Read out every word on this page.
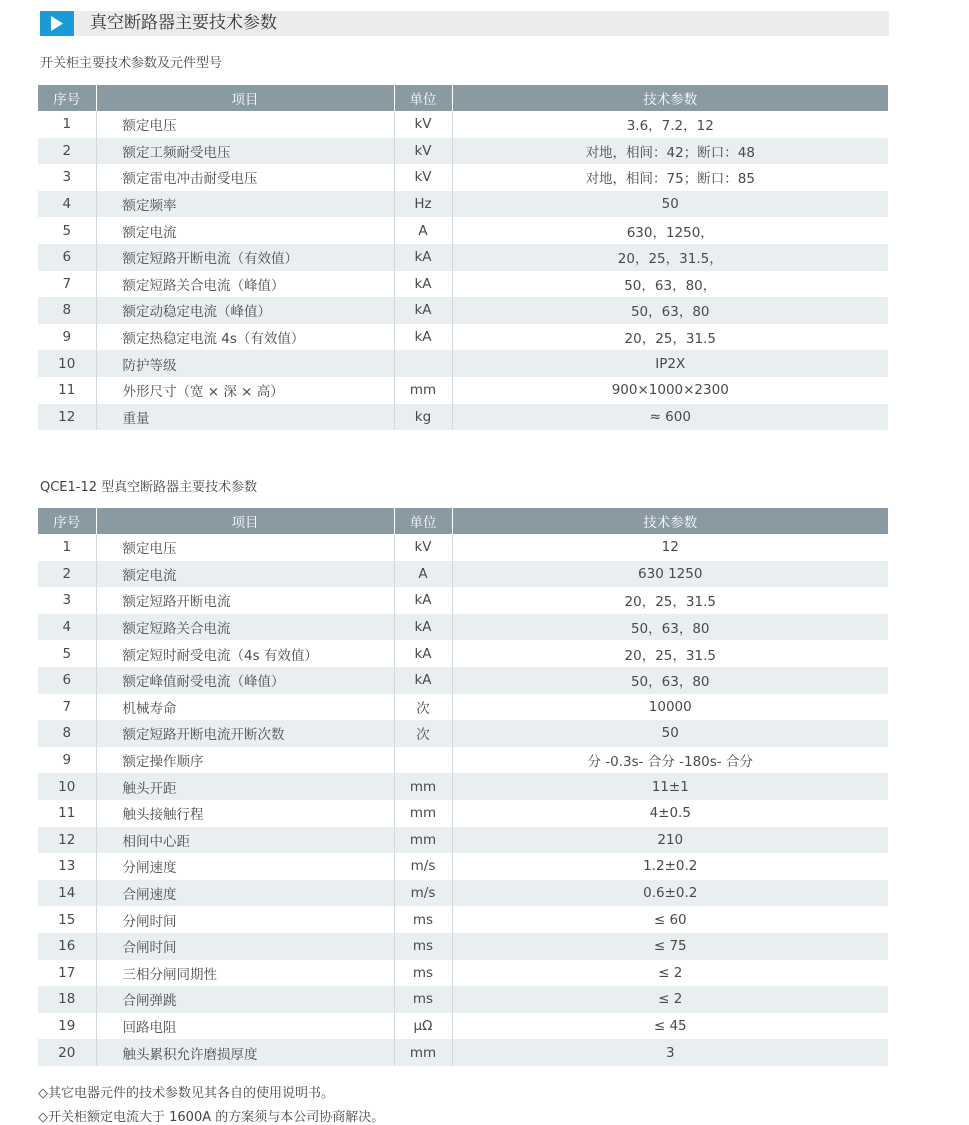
真空断路器主要技术参数
开关柜主要技术参数及元件型号
序号	项目	单位	技术参数
1	额定电压	kV	3.6，7.2，12
2	额定工频耐受电压	kV	对地，相间：42；断口：48
3	额定雷电冲击耐受电压	kV	对地，相间：75；断口：85
4	额定频率	Hz	50
5	额定电流	A	630，1250，
6	额定短路开断电流（有效值）	kA	20，25，31.5，
7	额定短路关合电流（峰值）	kA	50，63，80，
8	额定动稳定电流（峰值）	kA	50，63，80
9	额定热稳定电流 4s（有效值）	kA	20，25，31.5
10	防护等级		IP2X
11	外形尺寸（宽 × 深 × 高）	mm	900×1000×2300
12	重量	kg	≈ 600
QCE1-12 型真空断路器主要技术参数
序号	项目	单位	技术参数
1	额定电压	kV	12
2	额定电流	A	630 1250
3	额定短路开断电流	kA	20，25，31.5
4	额定短路关合电流	kA	50，63，80
5	额定短时耐受电流（4s 有效值）	kA	20，25，31.5
6	额定峰值耐受电流（峰值）	kA	50，63，80
7	机械寿命	次	10000
8	额定短路开断电流开断次数	次	50
9	额定操作顺序		分 -0.3s- 合分 -180s- 合分
10	触头开距	mm	11±1
11	触头接触行程	mm	4±0.5
12	相间中心距	mm	210
13	分闸速度	m/s	1.2±0.2
14	合闸速度	m/s	0.6±0.2
15	分闸时间	ms	≤ 60
16	合闸时间	ms	≤ 75
17	三相分闸同期性	ms	≤ 2
18	合闸弹跳	ms	≤ 2
19	回路电阻	μΩ	≤ 45
20	触头累积允许磨损厚度	mm	3
◇其它电器元件的技术参数见其各自的使用说明书。
◇开关柜额定电流大于 1600A 的方案须与本公司协商解决。
